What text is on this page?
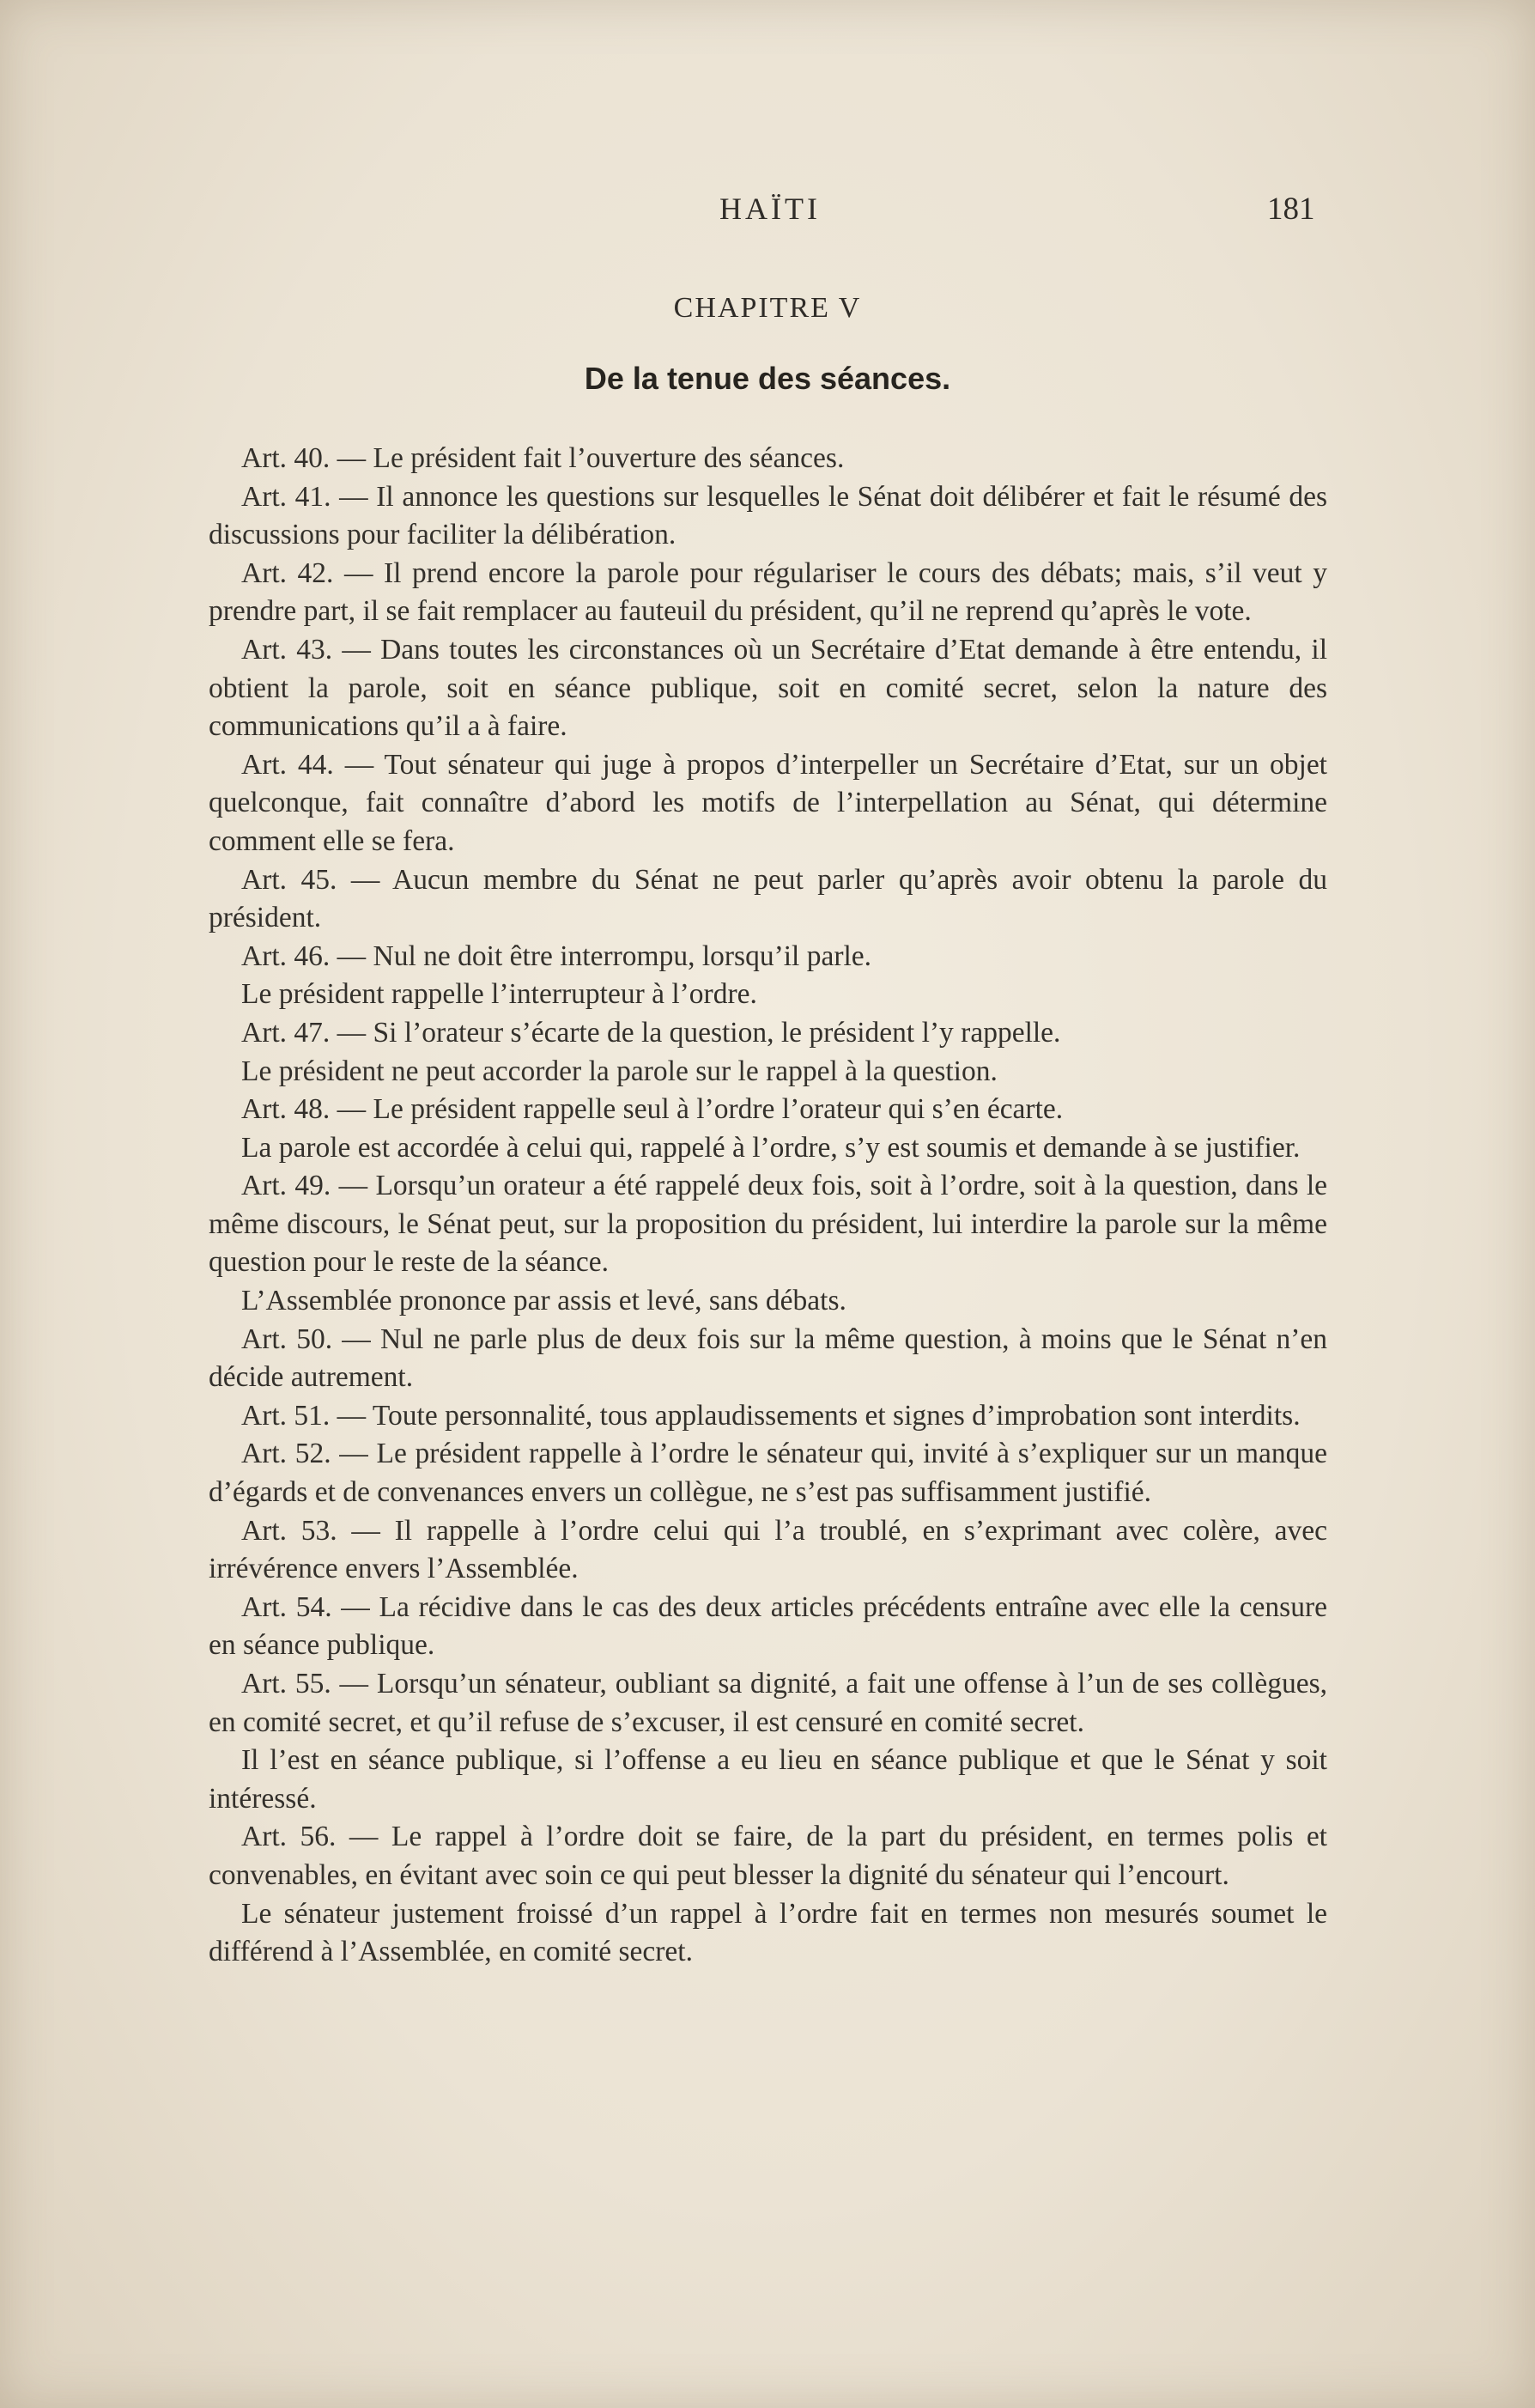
HAÏTI	181
CHAPITRE V
De la tenue des séances.

Art. 40. — Le président fait l’ouverture des séances.

Art. 41. — Il annonce les questions sur lesquelles le Sénat doit délibérer et fait le résumé des discussions pour faciliter la délibération.

Art. 42. — Il prend encore la parole pour régulariser le cours des débats; mais, s’il veut y prendre part, il se fait remplacer au fauteuil du président, qu’il ne reprend qu’après le vote.

Art. 43. — Dans toutes les circonstances où un Secrétaire d’Etat demande à être entendu, il obtient la parole, soit en séance publique, soit en comité secret, selon la nature des communications qu’il a à faire.

Art. 44. — Tout sénateur qui juge à propos d’interpeller un Secrétaire d’Etat, sur un objet quelconque, fait connaître d’abord les motifs de l’interpellation au Sénat, qui détermine comment elle se fera.

Art. 45. — Aucun membre du Sénat ne peut parler qu’après avoir obtenu la parole du président.

Art. 46. — Nul ne doit être interrompu, lorsqu’il parle.

Le président rappelle l’interrupteur à l’ordre.

Art. 47. — Si l’orateur s’écarte de la question, le président l’y rappelle.

Le président ne peut accorder la parole sur le rappel à la question.

Art. 48. — Le président rappelle seul à l’ordre l’orateur qui s’en écarte.

La parole est accordée à celui qui, rappelé à l’ordre, s’y est soumis et demande à se justifier.

Art. 49. — Lorsqu’un orateur a été rappelé deux fois, soit à l’ordre, soit à la question, dans le même discours, le Sénat peut, sur la proposition du président, lui interdire la parole sur la même question pour le reste de la séance.

L’Assemblée prononce par assis et levé, sans débats.

Art. 50. — Nul ne parle plus de deux fois sur la même question, à moins que le Sénat n’en décide autrement.

Art. 51. — Toute personnalité, tous applaudissements et signes d’improbation sont interdits.

Art. 52. — Le président rappelle à l’ordre le sénateur qui, invité à s’expliquer sur un manque d’égards et de convenances envers un collègue, ne s’est pas suffisamment justifié.

Art. 53. — Il rappelle à l’ordre celui qui l’a troublé, en s’exprimant avec colère, avec irrévérence envers l’Assemblée.

Art. 54. — La récidive dans le cas des deux articles précédents entraîne avec elle la censure en séance publique.

Art. 55. — Lorsqu’un sénateur, oubliant sa dignité, a fait une offense à l’un de ses collègues, en comité secret, et qu’il refuse de s’excuser, il est censuré en comité secret.

Il l’est en séance publique, si l’offense a eu lieu en séance publique et que le Sénat y soit intéressé.

Art. 56. — Le rappel à l’ordre doit se faire, de la part du président, en termes polis et convenables, en évitant avec soin ce qui peut blesser la dignité du sénateur qui l’encourt.

Le sénateur justement froissé d’un rappel à l’ordre fait en termes non mesurés soumet le différend à l’Assemblée, en comité secret.
